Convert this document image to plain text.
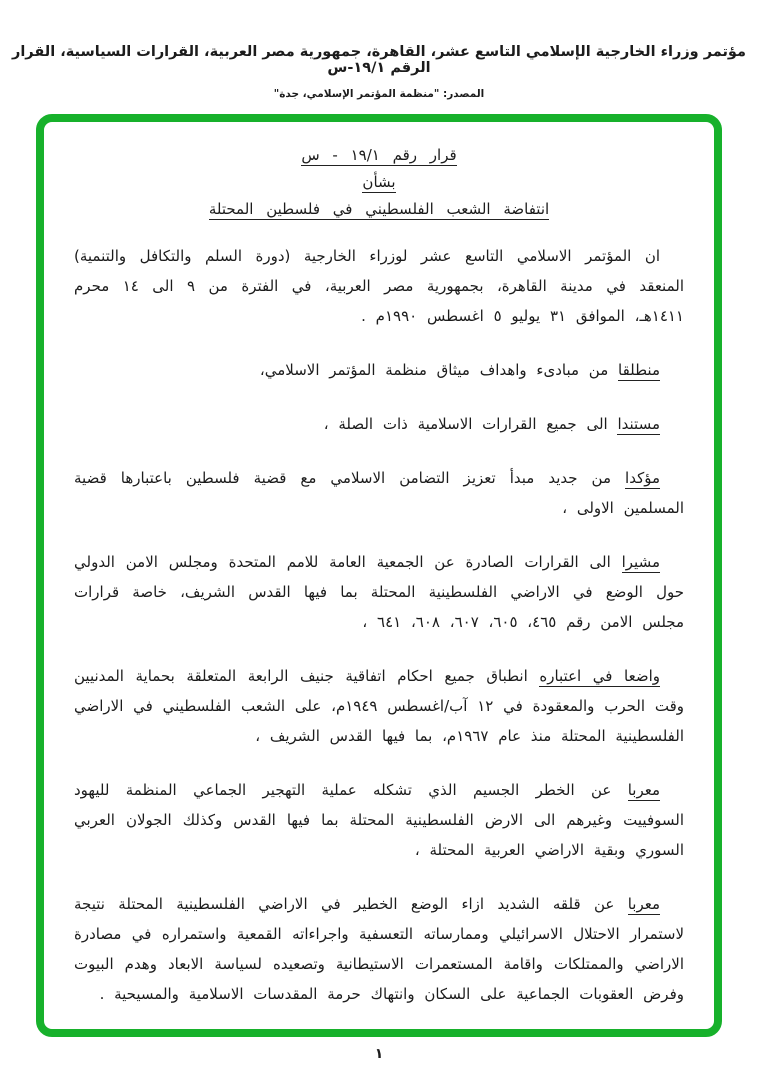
مؤتمر وزراء الخارجية الإسلامي التاسع عشر، القاهرة، جمهورية مصر العربية، القرارات السياسية، القرار الرقم ١٩/١-س
المصدر: "منظمة المؤتمر الإسلامي، جدة"
قرار رقم ١٩/١ - س
بشأن
انتفاضة الشعب الفلسطيني في فلسطين المحتلة

ان المؤتمر الاسلامي التاسع عشر لوزراء الخارجية (دورة السلم والتكافل والتنمية) المنعقد في مدينة القاهرة، بجمهورية مصر العربية، في الفترة من ٩ الى ١٤ محرم ١٤١١هـ، الموافق ٣١ يوليو ٥ اغسطس ١٩٩٠م .

منطلقا من مبادىء واهداف ميثاق منظمة المؤتمر الاسلامي،

مستندا الى جميع القرارات الاسلامية ذات الصلة ،

مؤكدا من جديد مبدأ تعزيز التضامن الاسلامي مع قضية فلسطين باعتبارها قضية المسلمين الاولى ،

مشيرا الى القرارات الصادرة عن الجمعية العامة للامم المتحدة ومجلس الامن الدولي حول الوضع في الاراضي الفلسطينية المحتلة بما فيها القدس الشريف، خاصة قرارات مجلس الامن رقم ٤٦٥، ٦٠٥، ٦٠٧، ٦٠٨، ٦٤١ ،

واضعا في اعتباره انطباق جميع احكام اتفاقية جنيف الرابعة المتعلقة بحماية المدنيين وقت الحرب والمعقودة في ١٢ آب/اغسطس ١٩٤٩م، على الشعب الفلسطيني في الاراضي الفلسطينية المحتلة منذ عام ١٩٦٧م، بما فيها القدس الشريف ،

معربا عن الخطر الجسيم الذي تشكله عملية التهجير الجماعي المنظمة لليهود السوفييت وغيرهم الى الارض الفلسطينية المحتلة بما فيها القدس وكذلك الجولان العربي السوري وبقية الاراضي العربية المحتلة ،

معربا عن قلقه الشديد ازاء الوضع الخطير في الاراضي الفلسطينية المحتلة نتيجة لاستمرار الاحتلال الاسرائيلي وممارساته التعسفية واجراءاته القمعية واستمراره في مصادرة الاراضي والممتلكات واقامة المستعمرات الاستيطانية وتصعيده لسياسة الابعاد وهدم البيوت وفرض العقوبات الجماعية على السكان وانتهاك حرمة المقدسات الاسلامية والمسيحية .

١
